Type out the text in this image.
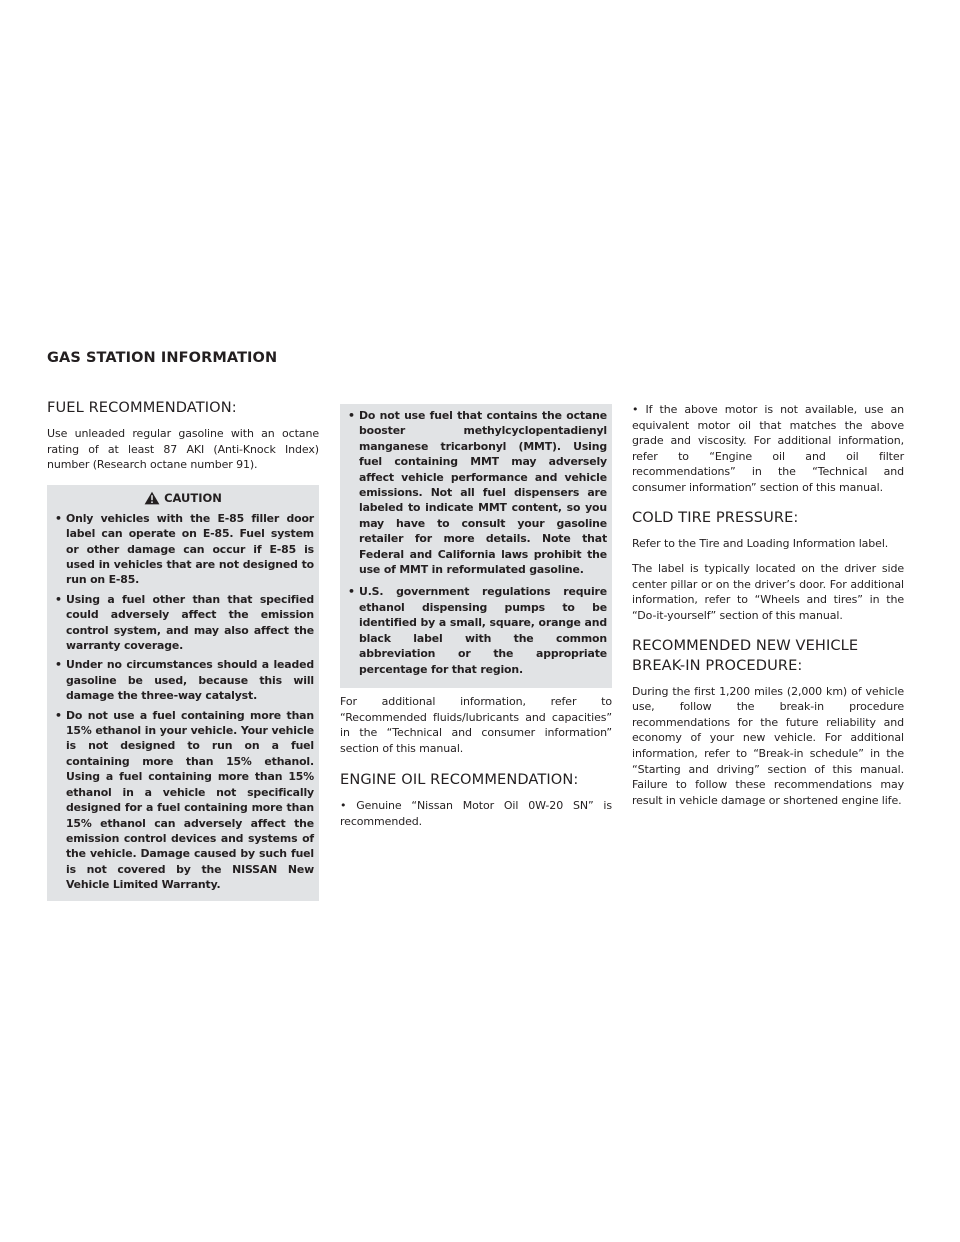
GAS STATION INFORMATION
FUEL RECOMMENDATION:

Use unleaded regular gasoline with an octane rating of at least 87 AKI (Anti-Knock Index) number (Research octane number 91).

CAUTION
• Only vehicles with the E-85 filler door label can operate on E-85. Fuel system or other damage can occur if E-85 is used in vehicles that are not designed to run on E-85.
• Using a fuel other than that specified could adversely affect the emission control system, and may also affect the warranty coverage.
• Under no circumstances should a leaded gasoline be used, because this will damage the three-way catalyst.
• Do not use a fuel containing more than 15% ethanol in your vehicle. Your vehicle is not designed to run on a fuel containing more than 15% ethanol. Using a fuel containing more than 15% ethanol in a vehicle not specifically designed for a fuel containing more than 15% ethanol can adversely affect the emission control devices and systems of the vehicle. Damage caused by such fuel is not covered by the NISSAN New Vehicle Limited Warranty.
• Do not use fuel that contains the octane booster methylcyclopentadienyl manganese tricarbonyl (MMT). Using fuel containing MMT may adversely affect vehicle performance and vehicle emissions. Not all fuel dispensers are labeled to indicate MMT content, so you may have to consult your gasoline retailer for more details. Note that Federal and California laws prohibit the use of MMT in reformulated gasoline.
• U.S. government regulations require ethanol dispensing pumps to be identified by a small, square, orange and black label with the common abbreviation or the appropriate percentage for that region.

For additional information, refer to “Recommended fluids/lubricants and capacities” in the “Technical and consumer information” section of this manual.

ENGINE OIL RECOMMENDATION:

• Genuine “Nissan Motor Oil 0W-20 SN” is recommended.

• If the above motor is not available, use an equivalent motor oil that matches the above grade and viscosity. For additional information, refer to “Engine oil and oil filter recommendations” in the “Technical and consumer information” section of this manual.

COLD TIRE PRESSURE:

Refer to the Tire and Loading Information label.

The label is typically located on the driver side center pillar or on the driver’s door. For additional information, refer to “Wheels and tires” in the “Do-it-yourself” section of this manual.

RECOMMENDED NEW VEHICLE BREAK-IN PROCEDURE:

During the first 1,200 miles (2,000 km) of vehicle use, follow the break-in procedure recommendations for the future reliability and economy of your new vehicle. For additional information, refer to “Break-in schedule” in the “Starting and driving” section of this manual. Failure to follow these recommendations may result in vehicle damage or shortened engine life.
